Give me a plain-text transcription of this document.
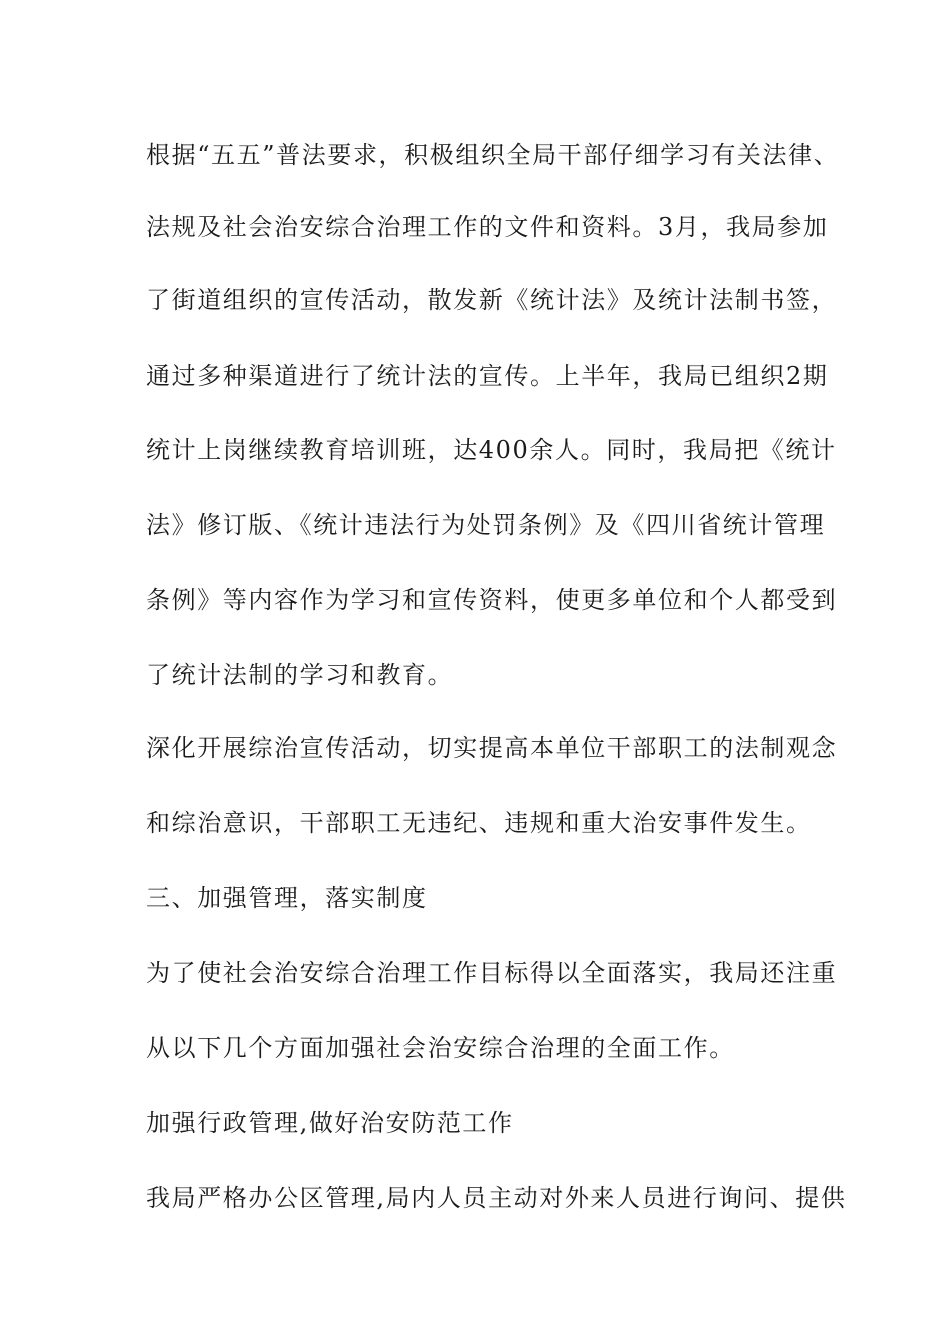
根据“五五”普法要求，积极组织全局干部仔细学习有关法律、
法规及社会治安综合治理工作的文件和资料。3月，我局参加
了街道组织的宣传活动，散发新《统计法》及统计法制书签，
通过多种渠道进行了统计法的宣传。上半年，我局已组织2期
统计上岗继续教育培训班，达400余人。同时，我局把《统计
法》修订版、《统计违法行为处罚条例》及《四川省统计管理
条例》等内容作为学习和宣传资料，使更多单位和个人都受到
了统计法制的学习和教育。
深化开展综治宣传活动，切实提高本单位干部职工的法制观念
和综治意识，干部职工无违纪、违规和重大治安事件发生。
三、加强管理，落实制度
为了使社会治安综合治理工作目标得以全面落实，我局还注重
从以下几个方面加强社会治安综合治理的全面工作。
加强行政管理,做好治安防范工作
我局严格办公区管理,局内人员主动对外来人员进行询问、提供
